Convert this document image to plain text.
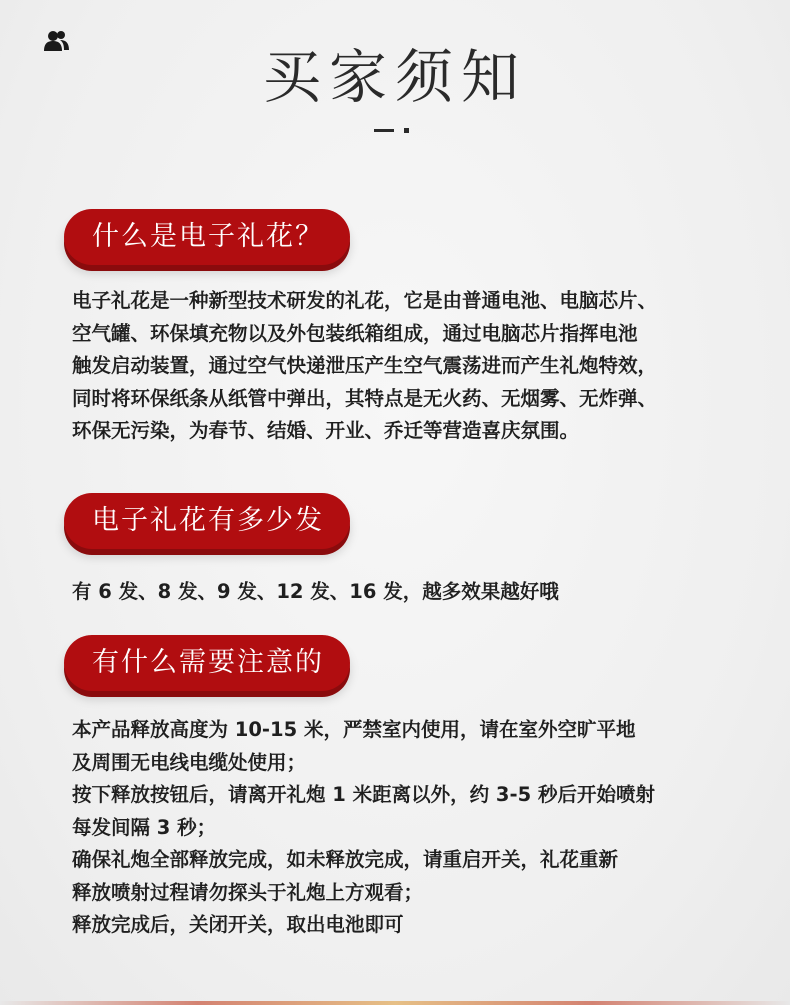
买家须知
什么是电子礼花？
电子礼花是一种新型技术研发的礼花，它是由普通电池、电脑芯片、
空气罐、环保填充物以及外包装纸箱组成，通过电脑芯片指挥电池
触发启动装置，通过空气快递泄压产生空气震荡进而产生礼炮特效，
同时将环保纸条从纸管中弹出，其特点是无火药、无烟雾、无炸弹、
环保无污染，为春节、结婚、开业、乔迁等营造喜庆氛围。
电子礼花有多少发
有 6 发、8 发、9 发、12 发、16 发，越多效果越好哦
有什么需要注意的
本产品释放高度为 10-15 米，严禁室内使用，请在室外空旷平地
及周围无电线电缆处使用；
按下释放按钮后，请离开礼炮 1 米距离以外，约 3-5 秒后开始喷射
每发间隔 3 秒；
确保礼炮全部释放完成，如未释放完成，请重启开关，礼花重新
释放喷射过程请勿探头于礼炮上方观看；
释放完成后，关闭开关，取出电池即可
